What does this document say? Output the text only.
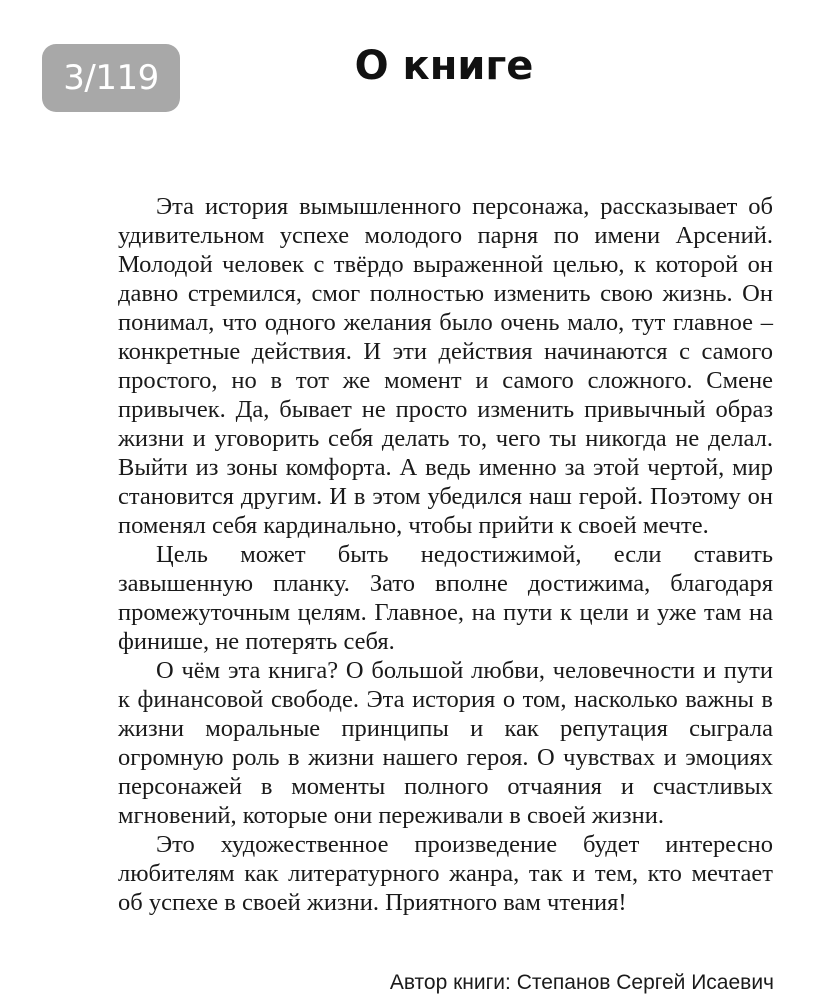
3/119	О книге

Эта история вымышленного персонажа, рассказывает об удивительном успехе молодого парня по имени Арсений. Молодой человек с твёрдо выраженной целью, к которой он давно стремился, смог полностью изменить свою жизнь. Он понимал, что одного желания было очень мало, тут главное – конкретные действия. И эти действия начинаются с самого простого, но в тот же момент и самого сложного. Смене привычек. Да, бывает не просто изменить привычный образ жизни и уговорить себя делать то, чего ты никогда не делал. Выйти из зоны комфорта. А ведь именно за этой чертой, мир становится другим. И в этом убедился наш герой. Поэтому он поменял себя кардинально, чтобы прийти к своей мечте.

Цель может быть недостижимой, если ставить завышенную планку. Зато вполне достижима, благодаря промежуточным целям. Главное, на пути к цели и уже там на финише, не потерять себя.

О чём эта книга? О большой любви, человечности и пути к финансовой свободе. Эта история о том, насколько важны в жизни моральные принципы и как репутация сыграла огромную роль в жизни нашего героя. О чувствах и эмоциях персонажей в моменты полного отчаяния и счастливых мгновений, которые они переживали в своей жизни.

Это художественное произведение будет интересно любителям как литературного жанра, так и тем, кто мечтает об успехе в своей жизни. Приятного вам чтения!

Автор книги: Степанов Сергей Исаевич
